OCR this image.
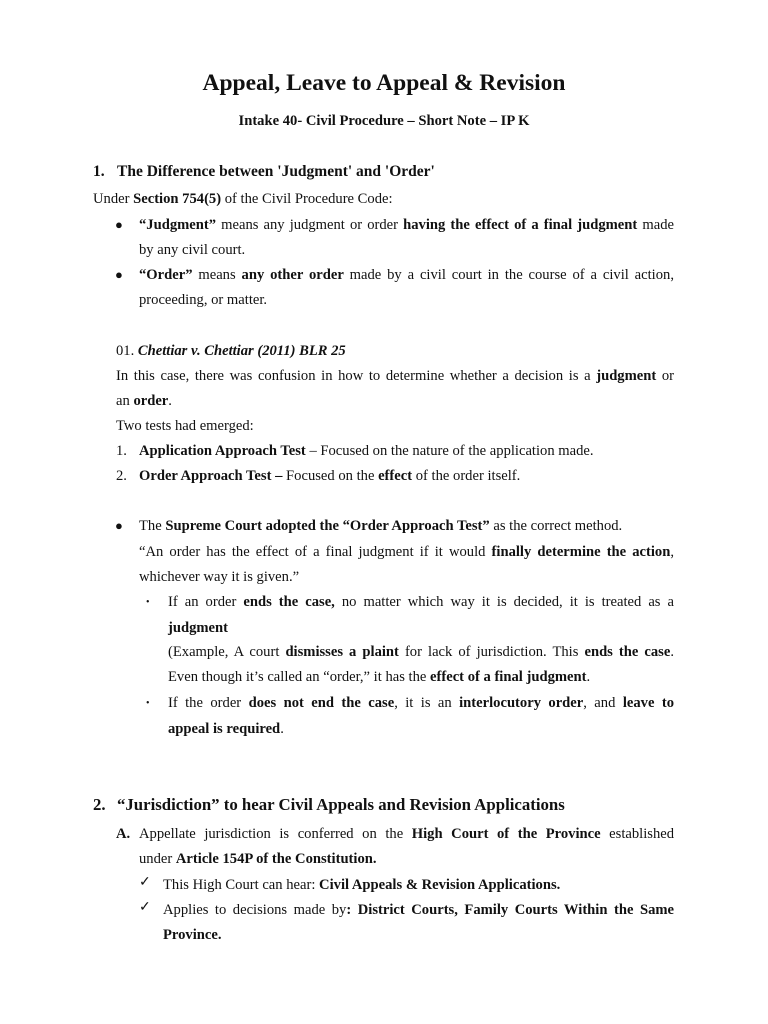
Appeal, Leave to Appeal & Revision
Intake 40- Civil Procedure – Short Note – IP K
1. The Difference between 'Judgment' and 'Order'
Under Section 754(5) of the Civil Procedure Code:
● “Judgment” means any judgment or order having the effect of a final judgment made
by any civil court.
● “Order” means any other order made by a civil court in the course of a civil action,
proceeding, or matter.
01. Chettiar v. Chettiar (2011) BLR 25
In this case, there was confusion in how to determine whether a decision is a judgment or
an order.
Two tests had emerged:
1. Application Approach Test – Focused on the nature of the application made.
2. Order Approach Test – Focused on the effect of the order itself.
● The Supreme Court adopted the “Order Approach Test” as the correct method.
“An order has the effect of a final judgment if it would finally determine the action,
whichever way it is given.”
• If an order ends the case, no matter which way it is decided, it is treated as a
judgment
(Example, A court dismisses a plaint for lack of jurisdiction. This ends the case.
Even though it’s called an “order,” it has the effect of a final judgment.
• If the order does not end the case, it is an interlocutory order, and leave to
appeal is required.
2. “Jurisdiction” to hear Civil Appeals and Revision Applications
A. Appellate jurisdiction is conferred on the High Court of the Province established
under Article 154P of the Constitution.
✓ This High Court can hear: Civil Appeals & Revision Applications.
✓ Applies to decisions made by: District Courts, Family Courts Within the Same
Province.
